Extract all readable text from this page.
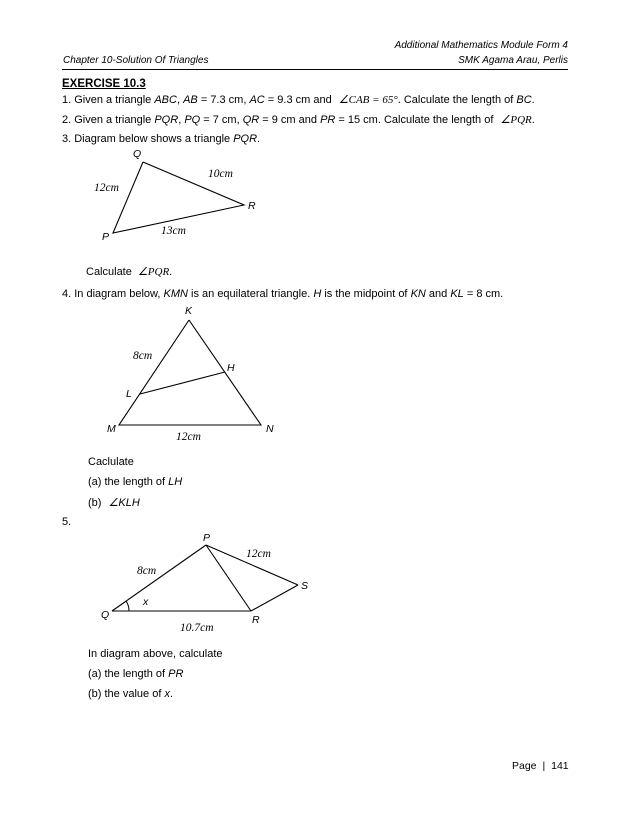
Additional Mathematics Module Form 4
Chapter 10-Solution Of Triangles	SMK Agama Arau, Perlis
EXERCISE 10.3
1. Given a triangle ABC, AB = 7.3 cm, AC = 9.3 cm and ∠CAB = 65°. Calculate the length of BC.
2. Given a triangle PQR, PQ = 7 cm, QR = 9 cm and PR = 15 cm. Calculate the length of ∠PQR.
3. Diagram below shows a triangle PQR.
Q
R
P
10cm
12cm
13cm
Calculate ∠PQR.
4. In diagram below, KMN is an equilateral triangle. H is the midpoint of KN and KL = 8 cm.
K
H
L
M	N
8cm
12cm
Caclulate
(a) the length of LH
(b) ∠KLH
5.
P
S
Q	R
x
8cm
12cm
10.7cm
In diagram above, calculate
(a) the length of PR
(b) the value of x.
Page | 141
